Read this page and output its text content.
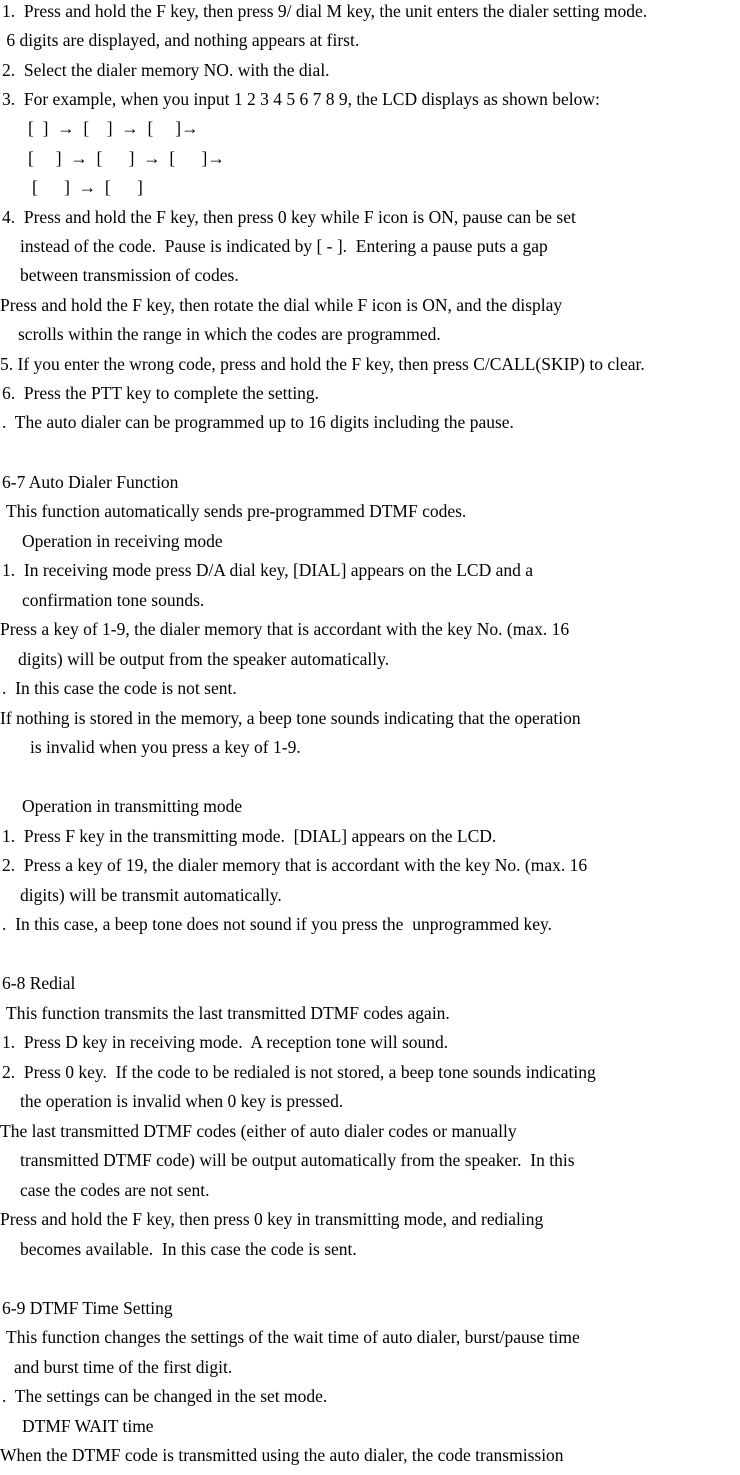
1.  Press and hold the F key, then press 9/ dial M key, the unit enters the dialer setting mode.
6 digits are displayed, and nothing appears at first.
2.  Select the dialer memory NO. with the dial.
3.  For example, when you input 1 2 3 4 5 6 7 8 9, the LCD displays as shown below:
[  ]  →  [    ]  →  [     ]→
[     ]  →  [      ]  →  [      ]→
[      ]  →  [      ]
4.  Press and hold the F key, then press 0 key while F icon is ON, pause can be set
instead of the code.  Pause is indicated by [ - ].  Entering a pause puts a gap
between transmission of codes.
Press and hold the F key, then rotate the dial while F icon is ON, and the display
scrolls within the range in which the codes are programmed.
5. If you enter the wrong code, press and hold the F key, then press C/CALL(SKIP) to clear.
6.  Press the PTT key to complete the setting.
.  The auto dialer can be programmed up to 16 digits including the pause.
6-7 Auto Dialer Function
This function automatically sends pre-programmed DTMF codes.
Operation in receiving mode
1.  In receiving mode press D/A dial key, [DIAL] appears on the LCD and a
confirmation tone sounds.
Press a key of 1-9, the dialer memory that is accordant with the key No. (max. 16
digits) will be output from the speaker automatically.
.  In this case the code is not sent.
If nothing is stored in the memory, a beep tone sounds indicating that the operation
is invalid when you press a key of 1-9.
Operation in transmitting mode
1.  Press F key in the transmitting mode.  [DIAL] appears on the LCD.
2.  Press a key of 19, the dialer memory that is accordant with the key No. (max. 16
digits) will be transmit automatically.
.  In this case, a beep tone does not sound if you press the  unprogrammed key.
6-8 Redial
This function transmits the last transmitted DTMF codes again.
1.  Press D key in receiving mode.  A reception tone will sound.
2.  Press 0 key.  If the code to be redialed is not stored, a beep tone sounds indicating
the operation is invalid when 0 key is pressed.
The last transmitted DTMF codes (either of auto dialer codes or manually
transmitted DTMF code) will be output automatically from the speaker.  In this
case the codes are not sent.
Press and hold the F key, then press 0 key in transmitting mode, and redialing
becomes available.  In this case the code is sent.
6-9 DTMF Time Setting
This function changes the settings of the wait time of auto dialer, burst/pause time
and burst time of the first digit.
.  The settings can be changed in the set mode.
DTMF WAIT time
When the DTMF code is transmitted using the auto dialer, the code transmission
